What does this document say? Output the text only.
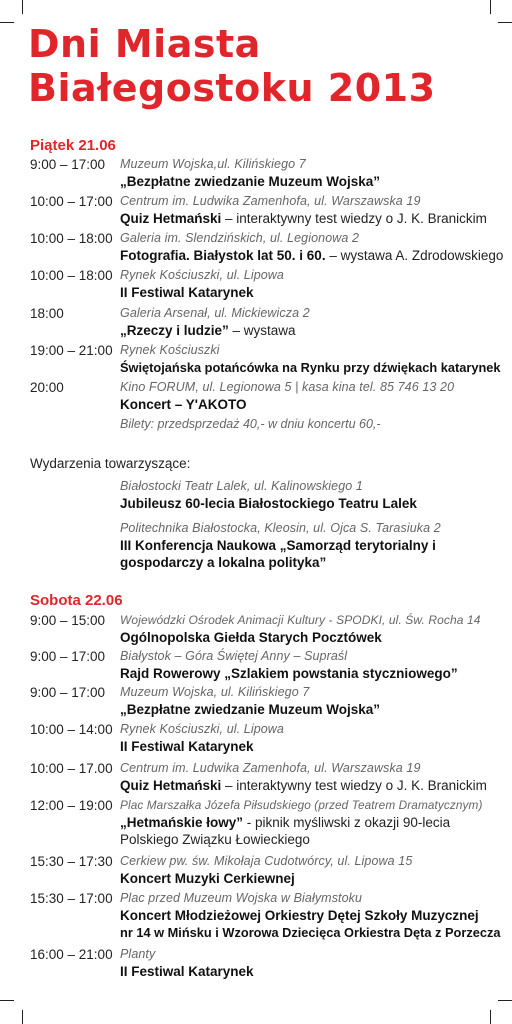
Dni Miasta
Białegostoku 2013

Piątek 21.06

9:00 – 17:00 Muzeum Wojska,ul. Kilińskiego 7
„Bezpłatne zwiedzanie Muzeum Wojska”
10:00 – 17:00 Centrum im. Ludwika Zamenhofa, ul. Warszawska 19
Quiz Hetmański – interaktywny test wiedzy o J. K. Branickim
10:00 – 18:00 Galeria im. Slendzińskich, ul. Legionowa 2
Fotografia. Białystok lat 50. i 60. – wystawa A. Zdrodowskiego
10:00 – 18:00 Rynek Kościuszki, ul. Lipowa
II Festiwal Katarynek
18:00	Galeria Arsenał, ul. Mickiewicza 2
„Rzeczy i ludzie” – wystawa
19:00 – 21:00 Rynek Kościuszki
Świętojańska potańcówka na Rynku przy dźwiękach katarynek
20:00	Kino FORUM, ul. Legionowa 5 | kasa kina tel. 85 746 13 20
Koncert – Y'AKOTO
Bilety: przedsprzedaż 40,- w dniu koncertu 60,-

Wydarzenia towarzyszące:

Białostocki Teatr Lalek, ul. Kalinowskiego 1
Jubileusz 60-lecia Białostockiego Teatru Lalek
Politechnika Białostocka, Kleosin, ul. Ojca S. Tarasiuka 2
III Konferencja Naukowa „Samorząd terytorialny i
gospodarczy a lokalna polityka”

Sobota 22.06

9:00 – 15:00 Wojewódzki Ośrodek Animacji Kultury - SPODKI, ul. Św. Rocha 14
Ogólnopolska Giełda Starych Pocztówek
9:00 – 17:00 Białystok – Góra Świętej Anny – Supraśl
Rajd Rowerowy „Szlakiem powstania styczniowego”
9:00 – 17:00 Muzeum Wojska, ul. Kilińskiego 7
„Bezpłatne zwiedzanie Muzeum Wojska”
10:00 – 14:00 Rynek Kościuszki, ul. Lipowa
II Festiwal Katarynek
10:00 – 17.00 Centrum im. Ludwika Zamenhofa, ul. Warszawska 19
Quiz Hetmański – interaktywny test wiedzy o J. K. Branickim
12:00 – 19:00 Plac Marszałka Józefa Piłsudskiego (przed Teatrem Dramatycznym)
„Hetmańskie łowy” - piknik myśliwski z okazji 90-lecia
Polskiego Związku Łowieckiego
15:30 – 17:30 Cerkiew pw. św. Mikołaja Cudotwórcy, ul. Lipowa 15
Koncert Muzyki Cerkiewnej
15:30 – 17:00 Plac przed Muzeum Wojska w Białymstoku
Koncert Młodzieżowej Orkiestry Dętej Szkoły Muzycznej
nr 14 w Mińsku i Wzorowa Dziecięca Orkiestra Dęta z Porzecza
16:00 – 21:00 Planty
II Festiwal Katarynek
